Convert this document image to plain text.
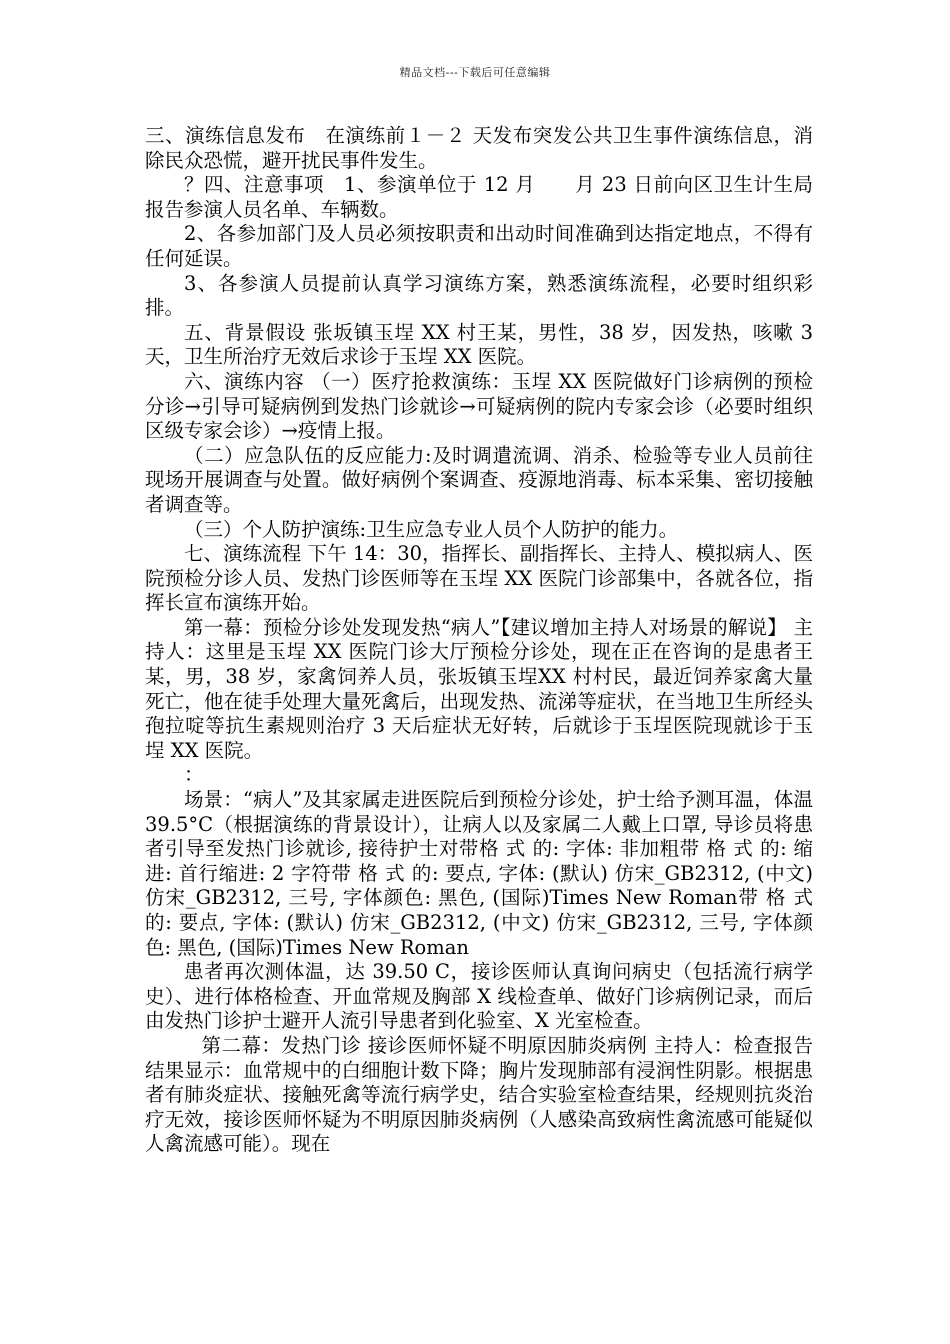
精品文档---下载后可任意编辑

三、演练信息发布　在演练前１－２ 天发布突发公共卫生事件演练信息，消除民众恐慌，避开扰民事件发生。

？四、注意事项　1、参演单位于 12 月　　月 23 日前向区卫生计生局报告参演人员名单、车辆数。

2、各参加部门及人员必须按职责和出动时间准确到达指定地点，不得有任何延误。

3、各参演人员提前认真学习演练方案，熟悉演练流程，必要时组织彩排。

五、背景假设 张坂镇玉埕 XX 村王某，男性，38 岁，因发热，咳嗽 3 天，卫生所治疗无效后求诊于玉埕 XX 医院。

六、演练内容 （一）医疗抢救演练：玉埕 XX 医院做好门诊病例的预检分诊→引导可疑病例到发热门诊就诊→可疑病例的院内专家会诊（必要时组织区级专家会诊）→疫情上报。

（二）应急队伍的反应能力:及时调遣流调、消杀、检验等专业人员前往现场开展调查与处置。做好病例个案调查、疫源地消毒、标本采集、密切接触者调查等。

（三）个人防护演练:卫生应急专业人员个人防护的能力。

七、演练流程 下午 14：30，指挥长、副指挥长、主持人、模拟病人、医院预检分诊人员、发热门诊医师等在玉埕 XX 医院门诊部集中，各就各位，指挥长宣布演练开始。

第一幕：预检分诊处发现发热“病人”【建议增加主持人对场景的解说】 主持人：这里是玉埕 XX 医院门诊大厅预检分诊处，现在正在咨询的是患者王某，男，38 岁，家禽饲养人员，张坂镇玉埕XX 村村民，最近饲养家禽大量死亡，他在徒手处理大量死禽后，出现发热、流涕等症状，在当地卫生所经头孢拉啶等抗生素规则治疗 3 天后症状无好转，后就诊于玉埕医院现就诊于玉埕 XX 医院。

：

场景：“病人”及其家属走进医院后到预检分诊处，护士给予测耳温，体温 39.5°C（根据演练的背景设计），让病人以及家属二人戴上口罩, 导诊员将患者引导至发热门诊就诊, 接待护士对带格 式 的: 字体: 非加粗带 格 式 的: 缩进: 首行缩进: 2 字符带 格 式 的: 要点, 字体: (默认) 仿宋_GB2312, (中文) 仿宋_GB2312, 三号, 字体颜色: 黑色, (国际)Times New Roman带 格 式 的: 要点, 字体: (默认) 仿宋_GB2312, (中文) 仿宋_GB2312, 三号, 字体颜色: 黑色, (国际)Times New Roman

患者再次测体温，达 39.50 C，接诊医师认真询问病史（包括流行病学史）、进行体格检查、开血常规及胸部 X 线检查单、做好门诊病例记录，而后由发热门诊护士避开人流引导患者到化验室、X 光室检查。

第二幕：发热门诊 接诊医师怀疑不明原因肺炎病例 主持人：检查报告结果显示：血常规中的白细胞计数下降；胸片发现肺部有浸润性阴影。根据患者有肺炎症状、接触死禽等流行病学史，结合实验室检查结果，经规则抗炎治疗无效，接诊医师怀疑为不明原因肺炎病例（人感染高致病性禽流感可能疑似人禽流感可能）。现在
